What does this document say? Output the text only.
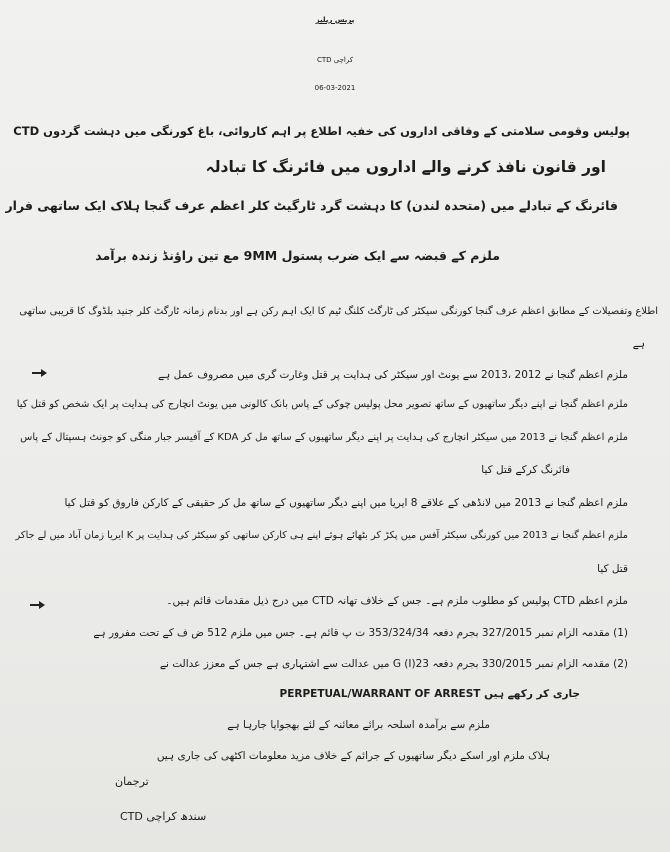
پریس ریلیز
CTD کراچی
06-03-2021
CTD پولیس وقومی سلامتی کے وفاقی اداروں کی خفیہ اطلاع پر اہم کاروائی، باغ کورنگی میں دہشت گردوں
اور قانون نافذ کرنے والے اداروں میں فائرنگ کا تبادلہ
فائرنگ کے تبادلے میں (متحدہ لندن) کا دہشت گرد ٹارگیٹ کلر اعظم عرف گنجا ہلاک ایک ساتھی فرار
ملزم کے قبضہ سے ایک ضرب پستول 9MM مع تین راؤنڈ زندہ برآمد
اطلاع وتفصیلات کے مطابق اعظم عرف گنجا کورنگی سیکٹر کی ٹارگٹ کلنگ ٹیم کا ایک اہم رکن ہے اور بدنام زمانہ ٹارگٹ کلر جنید بلڈوگ کا قریبی ساتھی
ہے
ملزم اعظم گنجا نے 2012 ،2013 سے یونٹ اور سیکٹر کی ہدایت پر قتل وغارت گری میں مصروف عمل ہے
ملزم اعظم گنجا نے اپنے دیگر ساتھیوں کے ساتھ تصویر محل پولیس چوکی کے پاس بانک کالونی میں یونٹ انچارج کی ہدایت پر ایک شخص کو قتل کیا
ملزم اعظم گنجا نے 2013 میں سیکٹر انچارج کی ہدایت پر اپنے دیگر ساتھیوں کے ساتھ مل کر KDA کے آفیسر جبار منگی کو جونٹ ہسپتال کے پاس
فائرنگ کرکے قتل کیا
ملزم اعظم گنجا نے 2013 میں لانڈھی کے علاقے 8 ایریا میں اپنے دیگر ساتھیوں کے ساتھ مل کر حقیقی کے کارکن فاروق کو قتل کیا
ملزم اعظم گنجا نے 2013 میں کورنگی سیکٹر آفس میں پکڑ کر بٹھائے ہوئے اپنے ہی کارکن ساتھی کو سیکٹر کی ہدایت پر K ایریا زمان آباد میں لے جاکر
قتل کیا
ملزم اعظم CTD پولیس کو مطلوب ملزم ہے۔ جس کے خلاف تھانہ CTD میں درج ذیل مقدمات قائم ہیں۔
(1) مقدمہ الزام نمبر 327/2015 بجرم دفعہ 353/324/34 ت پ قائم ہے۔ جس میں ملزم 512 ض ف کے تحت مفرور ہے
(2) مقدمہ الزام نمبر 330/2015 بجرم دفعہ 23(I) G میں عدالت سے اشتہاری ہے جس کے معزز عدالت نے
PERPETUAL/WARRANT OF ARREST جاری کر رکھے ہیں
ملزم سے برآمدہ اسلحہ برائے معائنہ کے لئے بھجوایا جارہا ہے
ہلاک ملزم اور اسکے دیگر ساتھیوں کے جرائم کے خلاف مزید معلومات اکٹھی کی جاری ہیں
ترجمان
CTD سندھ کراچی
